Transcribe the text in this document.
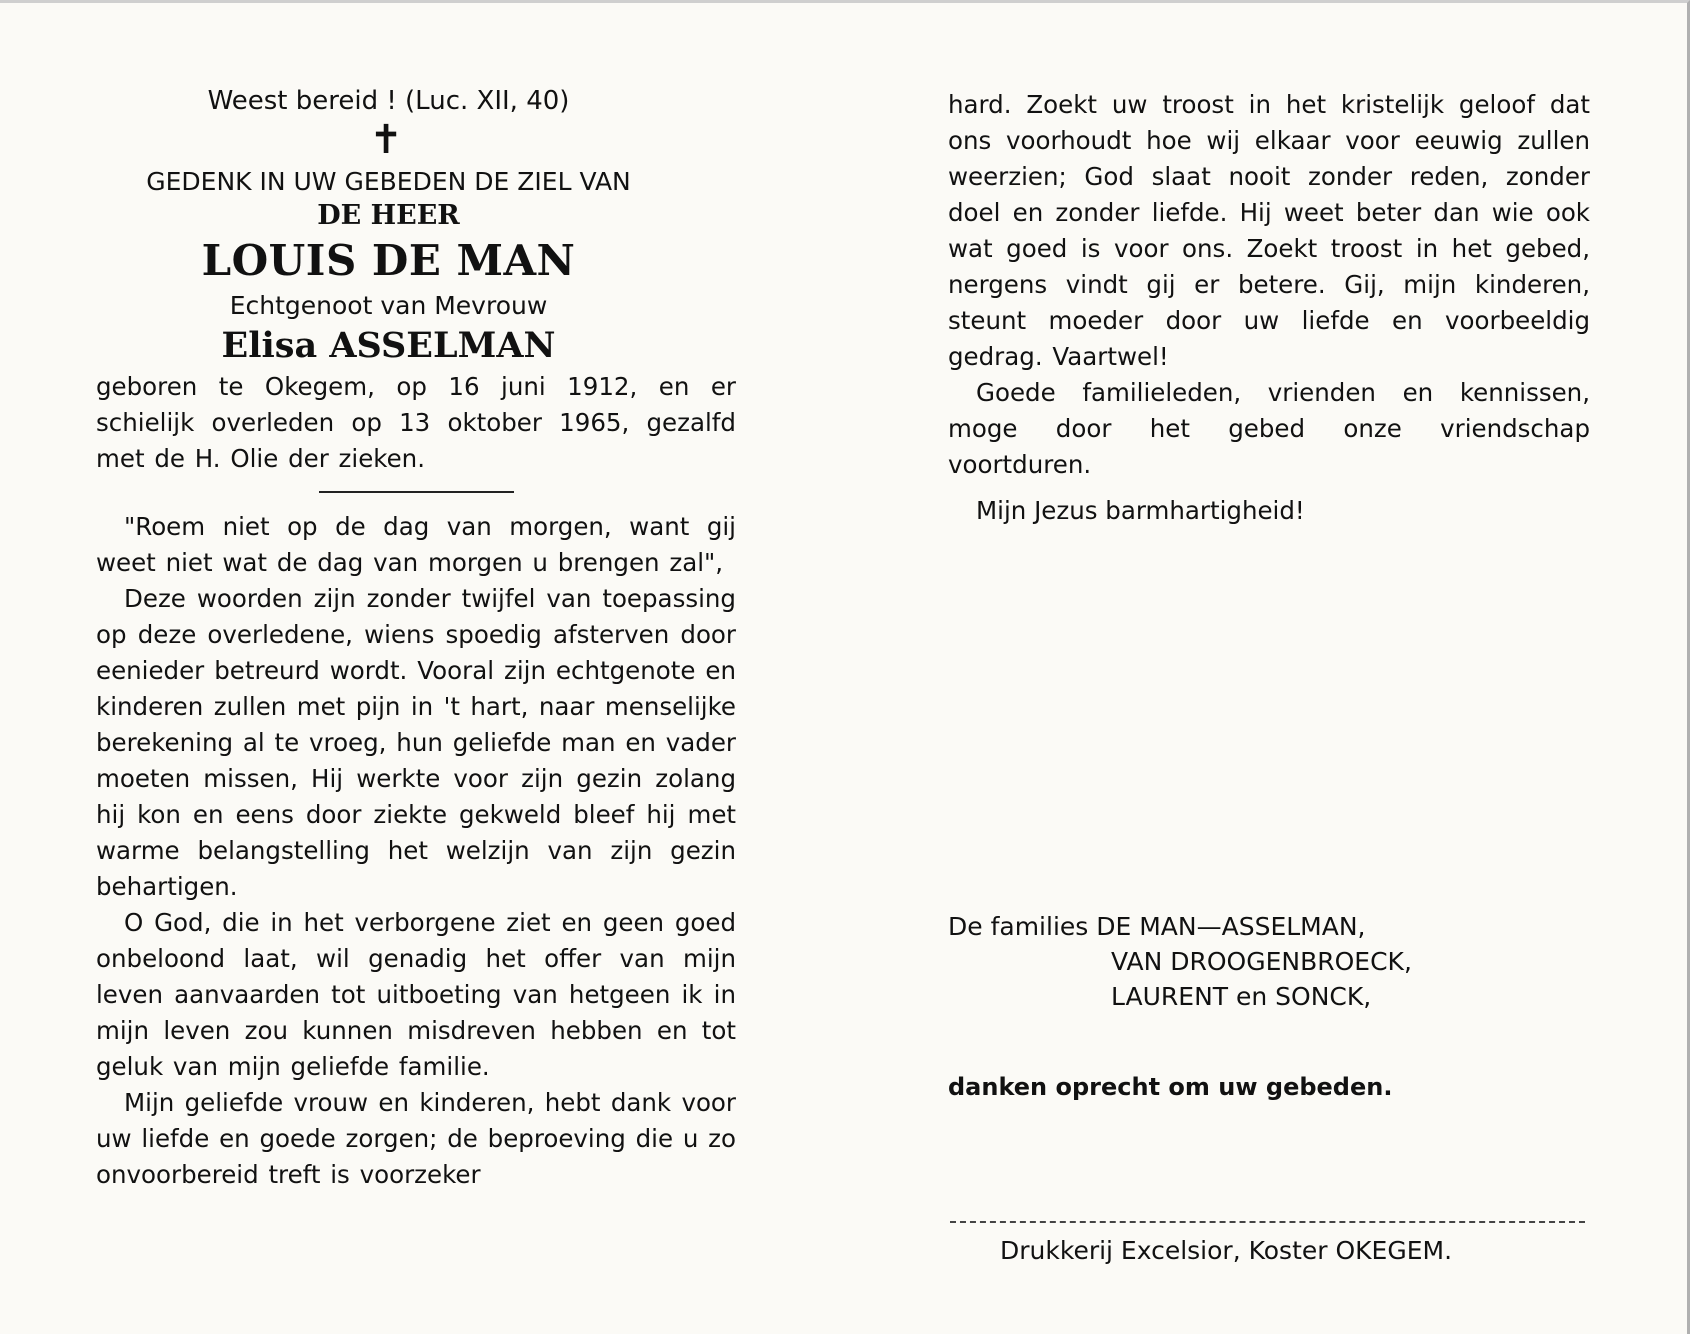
Weest bereid ! (Luc. XII, 40)
✝
GEDENK IN UW GEBEDEN DE ZIEL VAN
DE HEER
LOUIS DE MAN
Echtgenoot van Mevrouw
Elisa ASSELMAN

geboren te Okegem, op 16 juni 1912, en er schielijk overleden op 13 oktober 1965, gezalfd met de H. Olie der zieken.

"Roem niet op de dag van morgen, want gij weet niet wat de dag van morgen u brengen zal",

Deze woorden zijn zonder twijfel van toepassing op deze overledene, wiens spoedig afsterven door eenieder betreurd wordt. Vooral zijn echtgenote en kinderen zullen met pijn in 't hart, naar menselijke berekening al te vroeg, hun geliefde man en vader moeten missen, Hij werkte voor zijn gezin zolang hij kon en eens door ziekte gekweld bleef hij met warme belangstelling het welzijn van zijn gezin behartigen.

O God, die in het verborgene ziet en geen goed onbeloond laat, wil genadig het offer van mijn leven aanvaarden tot uitboeting van hetgeen ik in mijn leven zou kunnen misdreven hebben en tot geluk van mijn geliefde familie.

Mijn geliefde vrouw en kinderen, hebt dank voor uw liefde en goede zorgen; de beproeving die u zo onvoorbereid treft is voorzeker

hard. Zoekt uw troost in het kristelijk geloof dat ons voorhoudt hoe wij elkaar voor eeuwig zullen weerzien; God slaat nooit zonder reden, zonder doel en zonder liefde. Hij weet beter dan wie ook wat goed is voor ons. Zoekt troost in het gebed, nergens vindt gij er betere. Gij, mijn kinderen, steunt moeder door uw liefde en voorbeeldig gedrag. Vaartwel!

Goede familieleden, vrienden en kennissen, moge door het gebed onze vriendschap voortduren.

Mijn Jezus barmhartigheid!

De families DE MAN—ASSELMAN,
VAN DROOGENBROECK,
LAURENT en SONCK,
danken oprecht om uw gebeden.
Drukkerij Excelsior, Koster OKEGEM.
